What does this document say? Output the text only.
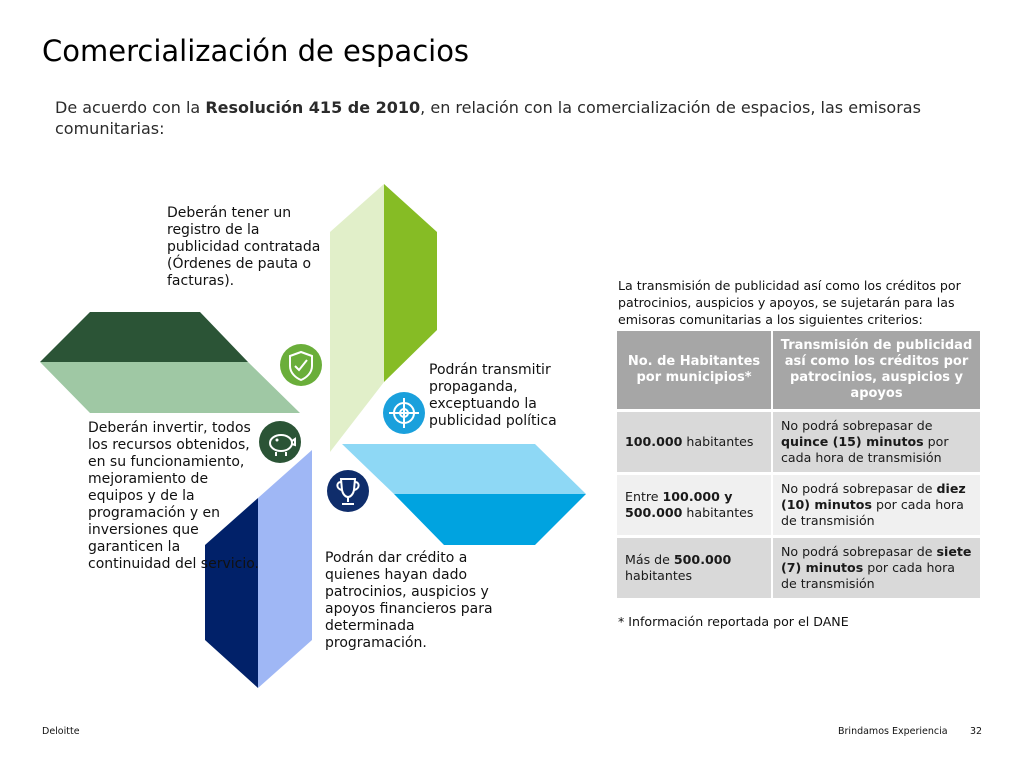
Comercialización de espacios
De acuerdo con la Resolución 415 de 2010, en relación con la comercialización de espacios, las emisoras comunitarias:
Deberán tener un registro de la publicidad contratada (Órdenes de pauta o facturas).
Podrán transmitir propaganda, exceptuando la publicidad política
Deberán invertir, todos los recursos obtenidos, en su funcionamiento, mejoramiento de equipos y de la programación y en inversiones que garanticen la continuidad del servicio.	Podrán dar crédito a quienes hayan dado patrocinios, auspicios y apoyos financieros para determinada programación.
La transmisión de publicidad así como los créditos por patrocinios, auspicios y apoyos, se sujetarán para las emisoras comunitarias a los siguientes criterios:
No. de Habitantes por municipios*	Transmisión de publicidad así como los créditos por patrocinios, auspicios y apoyos
100.000 habitantes	No podrá sobrepasar de quince (15) minutos por cada hora de transmisión
Entre 100.000 y 500.000 habitantes	No podrá sobrepasar de diez (10) minutos por cada hora de transmisión
Más de 500.000 habitantes	No podrá sobrepasar de siete (7) minutos por cada hora de transmisión
* Información reportada por el DANE
Deloitte	Brindamos Experiencia 32
